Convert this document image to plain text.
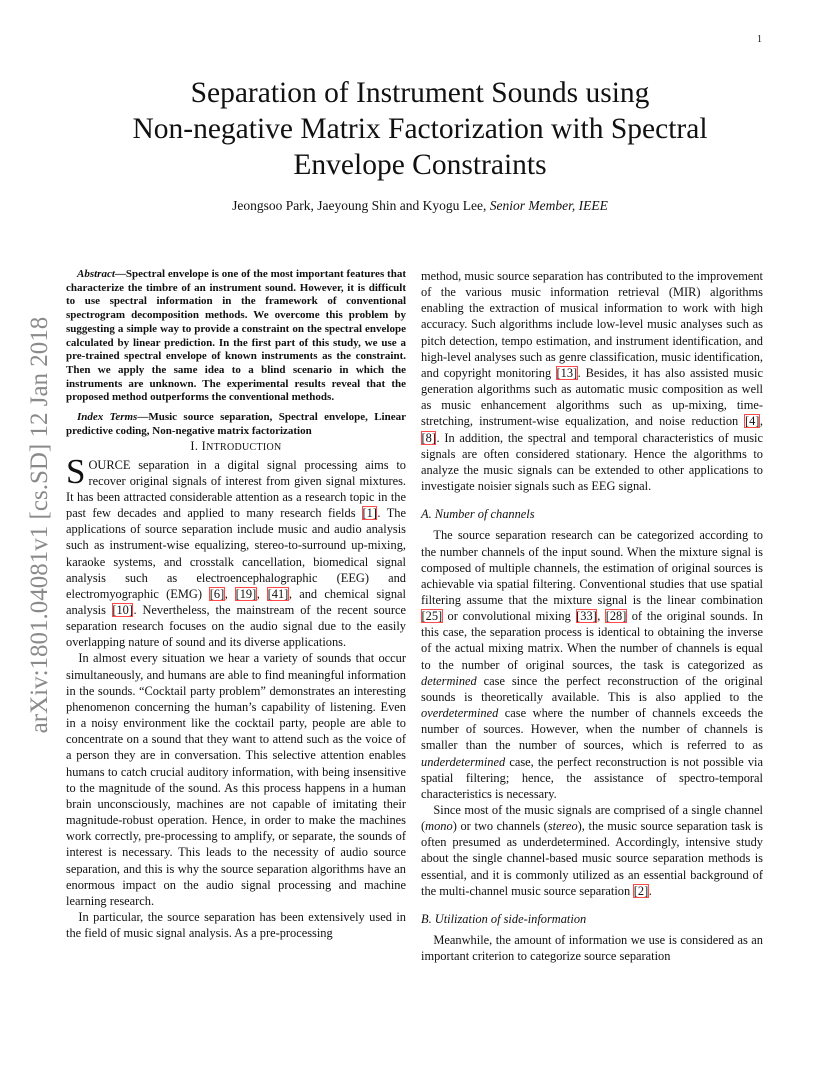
1
arXiv:1801.04081v1 [cs.SD] 12 Jan 2018
Separation of Instrument Sounds using
Non-negative Matrix Factorization with Spectral
Envelope Constraints
Jeongsoo Park, Jaeyoung Shin and Kyogu Lee, Senior Member, IEEE

Abstract—Spectral envelope is one of the most important features that characterize the timbre of an instrument sound. However, it is difficult to use spectral information in the framework of conventional spectrogram decomposition methods. We overcome this problem by suggesting a simple way to provide a constraint on the spectral envelope calculated by linear prediction. In the first part of this study, we use a pre-trained spectral envelope of known instruments as the constraint. Then we apply the same idea to a blind scenario in which the instruments are unknown. The experimental results reveal that the proposed method outperforms the conventional methods.

Index Terms—Music source separation, Spectral envelope, Linear predictive coding, Non-negative matrix factorization

I. INTRODUCTION

SOURCE separation in a digital signal processing aims to recover original signals of interest from given signal mixtures. It has been attracted considerable attention as a research topic in the past few decades and applied to many research fields [1]. The applications of source separation include music and audio analysis such as instrument-wise equalizing, stereo-to-surround up-mixing, karaoke systems, and crosstalk cancellation, biomedical signal analysis such as electroencephalographic (EEG) and electromyographic (EMG) [6], [19], [41], and chemical signal analysis [10]. Nevertheless, the mainstream of the recent source separation research focuses on the audio signal due to the easily overlapping nature of sound and its diverse applications.

In almost every situation we hear a variety of sounds that occur simultaneously, and humans are able to find meaningful information in the sounds. “Cocktail party problem” demonstrates an interesting phenomenon concerning the human’s capability of listening. Even in a noisy environment like the cocktail party, people are able to concentrate on a sound that they want to attend such as the voice of a person they are in conversation. This selective attention enables humans to catch crucial auditory information, with being insensitive to the magnitude of the sound. As this process happens in a human brain unconsciously, machines are not capable of imitating their magnitude-robust operation. Hence, in order to make the machines work correctly, pre-processing to amplify, or separate, the sounds of interest is necessary. This leads to the necessity of audio source separation, and this is why the source separation algorithms have an enormous impact on the audio signal processing and machine learning research.

In particular, the source separation has been extensively used in the field of music signal analysis. As a pre-processing

method, music source separation has contributed to the improvement of the various music information retrieval (MIR) algorithms enabling the extraction of musical information to work with high accuracy. Such algorithms include low-level music analyses such as pitch detection, tempo estimation, and instrument identification, and high-level analyses such as genre classification, music identification, and copyright monitoring [13]. Besides, it has also assisted music generation algorithms such as automatic music composition as well as music enhancement algorithms such as up-mixing, time-stretching, instrument-wise equalization, and noise reduction [4], [8]. In addition, the spectral and temporal characteristics of music signals are often considered stationary. Hence the algorithms to analyze the music signals can be extended to other applications to investigate noisier signals such as EEG signal.

A. Number of channels

The source separation research can be categorized according to the number channels of the input sound. When the mixture signal is composed of multiple channels, the estimation of original sources is achievable via spatial filtering. Conventional studies that use spatial filtering assume that the mixture signal is the linear combination [25] or convolutional mixing [33], [28] of the original sounds. In this case, the separation process is identical to obtaining the inverse of the actual mixing matrix. When the number of channels is equal to the number of original sources, the task is categorized as determined case since the perfect reconstruction of the original sounds is theoretically available. This is also applied to the overdetermined case where the number of channels exceeds the number of sources. However, when the number of channels is smaller than the number of sources, which is referred to as underdetermined case, the perfect reconstruction is not possible via spatial filtering; hence, the assistance of spectro-temporal characteristics is necessary.

Since most of the music signals are comprised of a single channel (mono) or two channels (stereo), the music source separation task is often presumed as underdetermined. Accordingly, intensive study about the single channel-based music source separation methods is essential, and it is commonly utilized as an essential background of the multi-channel music source separation [2].

B. Utilization of side-information

Meanwhile, the amount of information we use is considered as an important criterion to categorize source separation
